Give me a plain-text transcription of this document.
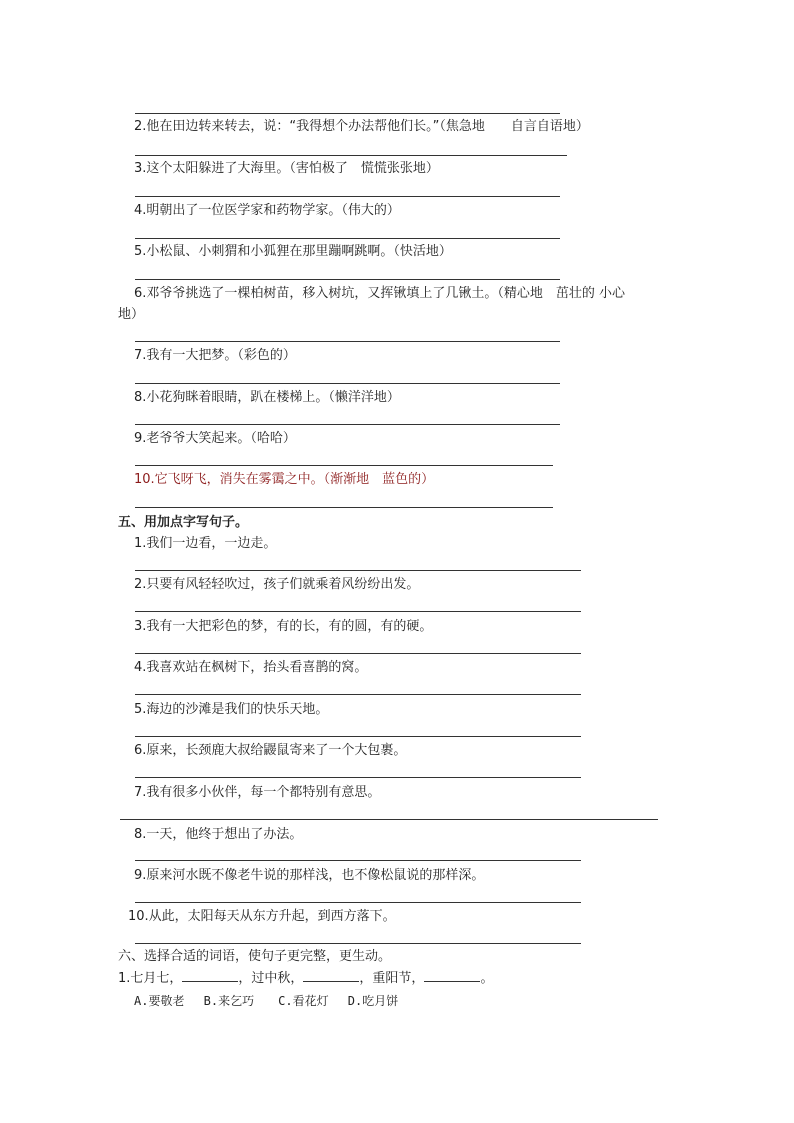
2.他在田边转来转去，说：“我得想个办法帮他们长。”（焦急地　　自言自语地）
3.这个太阳躲进了大海里。（害怕极了　慌慌张张地）
4.明朝出了一位医学家和药物学家。（伟大的）
5.小松鼠、小刺猬和小狐狸在那里蹦啊跳啊。（快活地）
6.邓爷爷挑选了一棵柏树苗，移入树坑，又挥锹填上了几锹土。（精心地　茁壮的 小心
地）
7.我有一大把梦。（彩色的）
8.小花狗眯着眼睛，趴在楼梯上。（懒洋洋地）
9.老爷爷大笑起来。（哈哈）
10.它飞呀飞，消失在雾霭之中。（渐渐地　蓝色的）
五、用加点字写句子。
1.我们一边看，一边走。
2.只要有风轻轻吹过，孩子们就乘着风纷纷出发。
3.我有一大把彩色的梦，有的长，有的圆，有的硬。
4.我喜欢站在枫树下，抬头看喜鹊的窝。
5.海边的沙滩是我们的快乐天地。
6.原来，长颈鹿大叔给鼹鼠寄来了一个大包裹。
7.我有很多小伙伴，每一个都特别有意思。
8.一天，他终于想出了办法。
9.原来河水既不像老牛说的那样浅，也不像松鼠说的那样深。
10.从此，太阳每天从东方升起，到西方落下。
六、选择合适的词语，使句子更完整，更生动。
1.七月七，	，过中秋，	，重阳节，	。
A.要敬老　 B.来乞巧　　C.看花灯　 D.吃月饼
